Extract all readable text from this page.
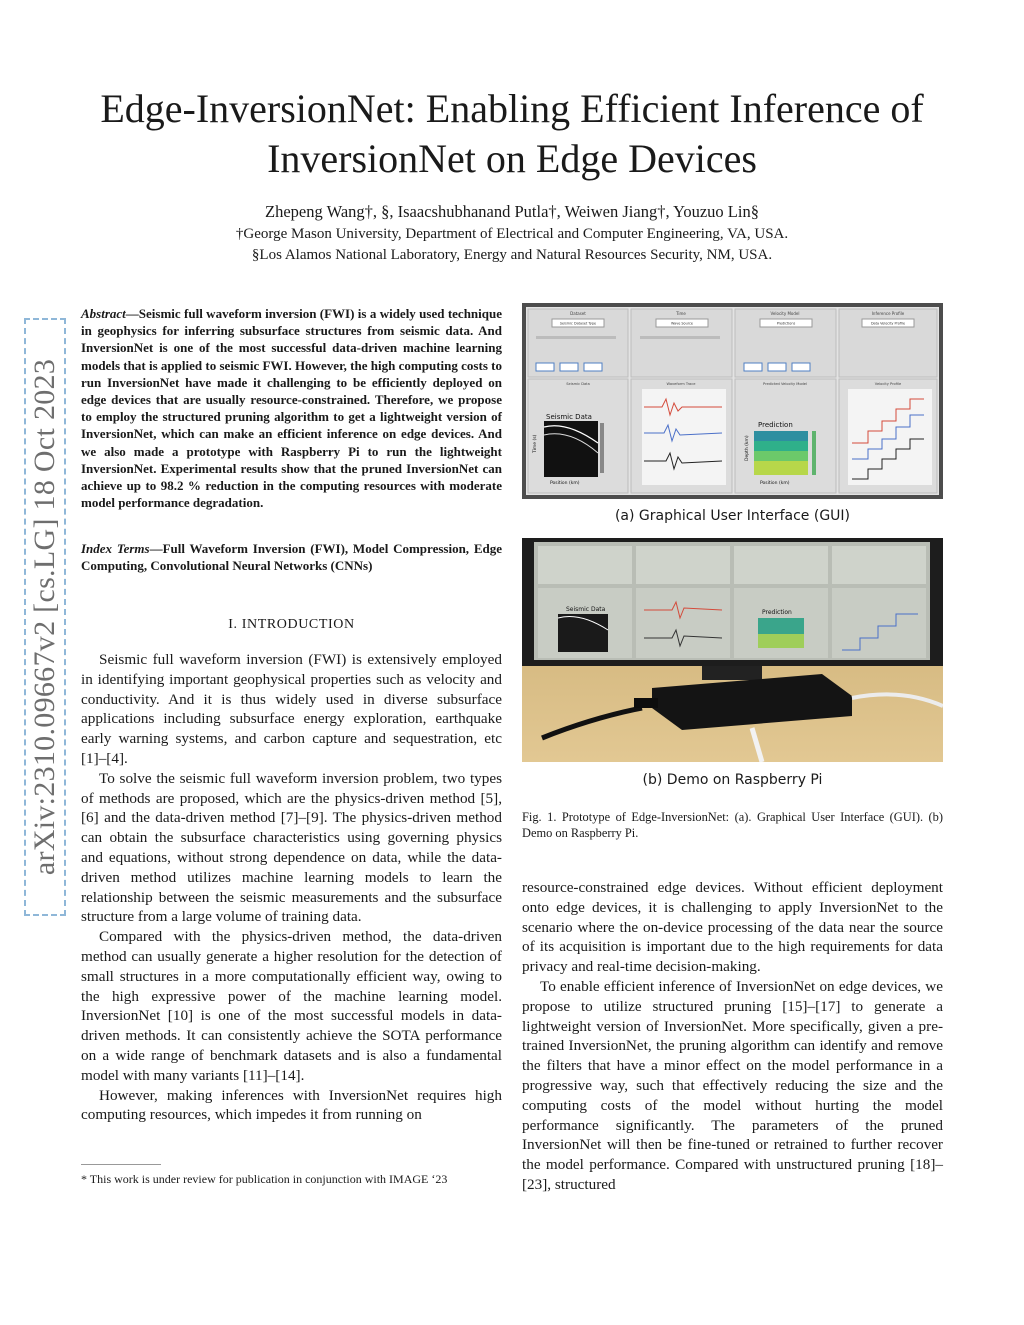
arXiv:2310.09667v2 [cs.LG] 18 Oct 2023
Edge-InversionNet: Enabling Efficient Inference of
InversionNet on Edge Devices
Zhepeng Wang†, §, Isaacshubhanand Putla†, Weiwen Jiang†, Youzuo Lin§
†George Mason University, Department of Electrical and Computer Engineering, VA, USA.
§Los Alamos National Laboratory, Energy and Natural Resources Security, NM, USA.
Abstract—Seismic full waveform inversion (FWI) is a widely used technique in geophysics for inferring subsurface structures from seismic data. And InversionNet is one of the most successful data-driven machine learning models that is applied to seismic FWI. However, the high computing costs to run InversionNet have made it challenging to be efficiently deployed on edge devices that are usually resource-constrained. Therefore, we propose to employ the structured pruning algorithm to get a lightweight version of InversionNet, which can make an efficient inference on edge devices. And we also made a prototype with Raspberry Pi to run the lightweight InversionNet. Experimental results show that the pruned InversionNet can achieve up to 98.2 % reduction in the computing resources with moderate model performance degradation.
Index Terms—Full Waveform Inversion (FWI), Model Compression, Edge Computing, Convolutional Neural Networks (CNNs)
I. INTRODUCTION

Seismic full waveform inversion (FWI) is extensively employed in identifying important geophysical properties such as velocity and conductivity. And it is thus widely used in diverse subsurface applications including subsurface energy exploration, earthquake early warning systems, and carbon capture and sequestration, etc [1]–[4].

To solve the seismic full waveform inversion problem, two types of methods are proposed, which are the physics-driven method [5], [6] and the data-driven method [7]–[9]. The physics-driven method can obtain the subsurface characteristics using governing physics and equations, without strong dependence on data, while the data-driven method utilizes machine learning models to learn the relationship between the seismic measurements and the subsurface structure from a large volume of training data.

Compared with the physics-driven method, the data-driven method can usually generate a higher resolution for the detection of small structures in a more computationally efficient way, owing to the high expressive power of the machine learning model. InversionNet [10] is one of the most successful models in data-driven methods. It can consistently achieve the SOTA performance on a wide range of benchmark datasets and is also a fundamental model with many variants [11]–[14].

However, making inferences with InversionNet requires high computing resources, which impedes it from running on

* This work is under review for publication in conjunction with IMAGE ‘23
Dataset	Time	Velocity Model	Inference Profile
Seismic Dataset Type	Wave Source	Predictions	Data Velocity Profile
Seismic Data	Waveform Trace	Predicted Velocity Model	Velocity Profile
Seismic Data
Time (s)
Position (km)
Prediction
Depth (km)
Position (km)
(a) Graphical User Interface (GUI)
Seismic Data	Prediction
(b) Demo on Raspberry Pi
Fig. 1. Prototype of Edge-InversionNet: (a). Graphical User Interface (GUI). (b) Demo on Raspberry Pi.

resource-constrained edge devices. Without efficient deployment onto edge devices, it is challenging to apply InversionNet to the scenario where the on-device processing of the data near the source of its acquisition is important due to the high requirements for data privacy and real-time decision-making.

To enable efficient inference of InversionNet on edge devices, we propose to utilize structured pruning [15]–[17] to generate a lightweight version of InversionNet. More specifically, given a pre-trained InversionNet, the pruning algorithm can identify and remove the filters that have a minor effect on the model performance in a progressive way, such that effectively reducing the size and the computing costs of the model without hurting the model performance significantly. The parameters of the pruned InversionNet will then be fine-tuned or retrained to further recover the model performance. Compared with unstructured pruning [18]–[23], structured
